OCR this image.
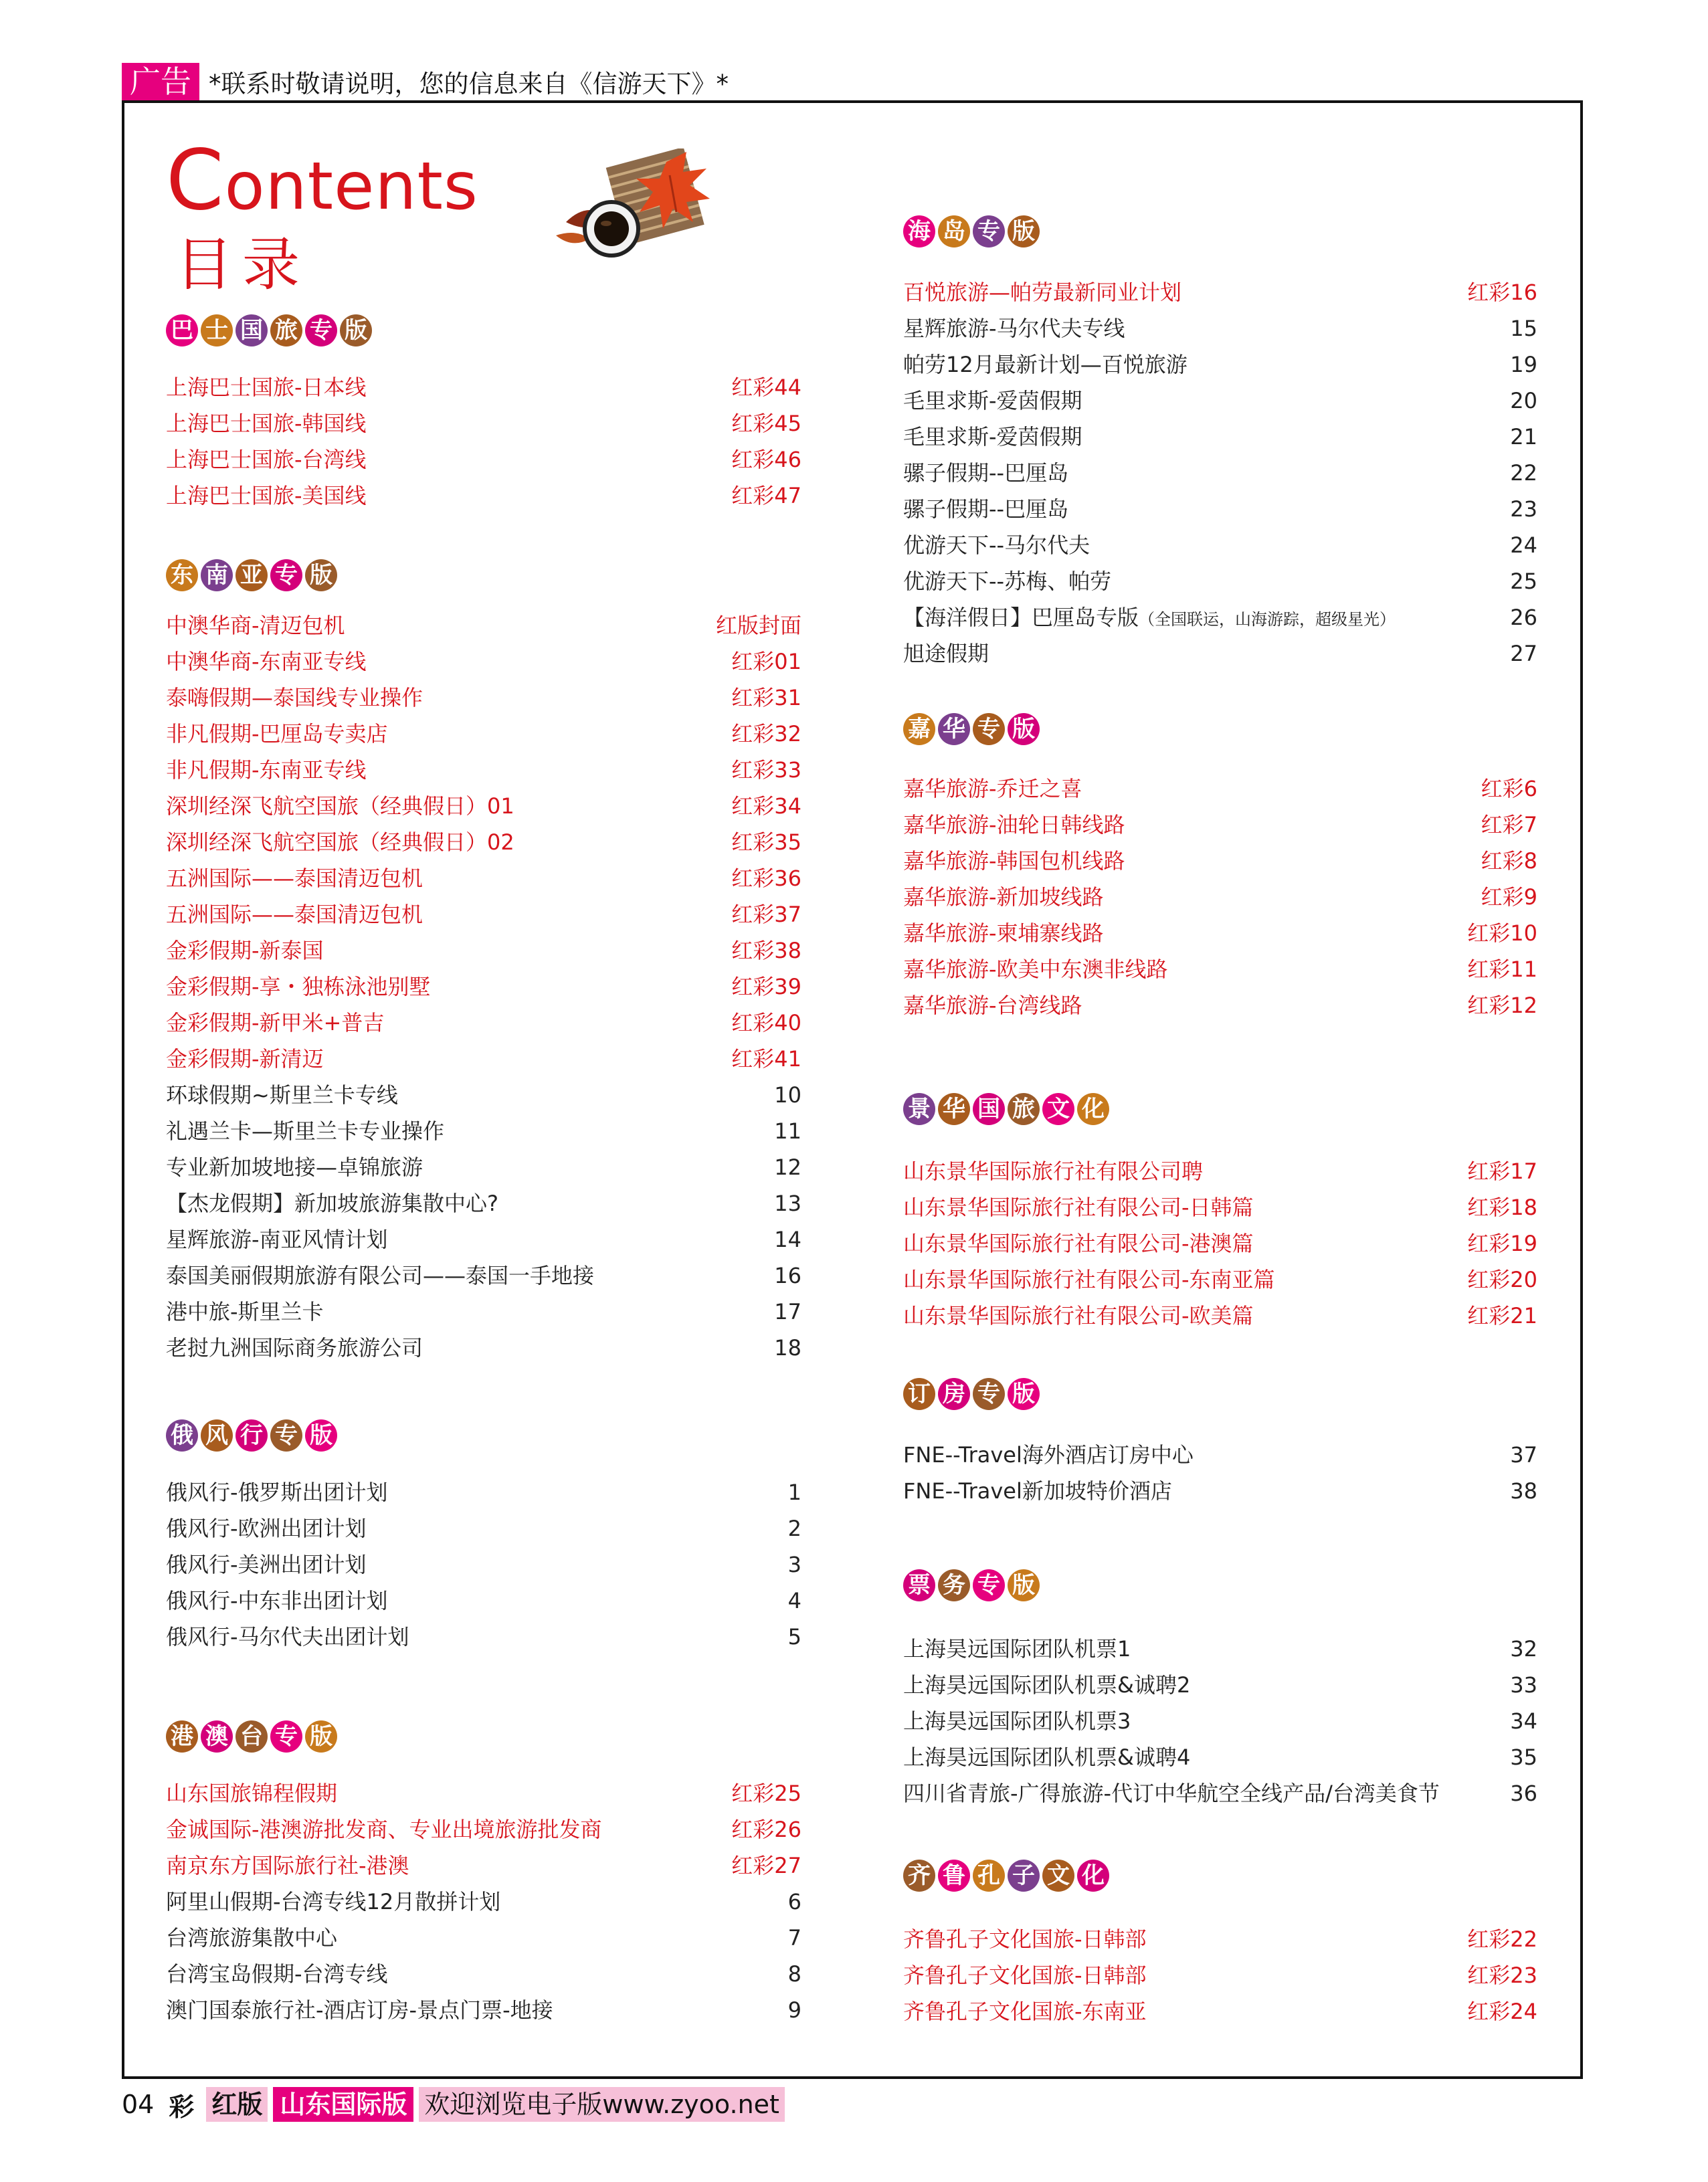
广告 *联系时敬请说明，您的信息来自《信游天下》*
Contents
目录
巴 士 国 旅 专 版
上海巴士国旅-日本线	红彩44
上海巴士国旅-韩国线	红彩45
上海巴士国旅-台湾线	红彩46
上海巴士国旅-美国线	红彩47
东 南 亚 专 版
中澳华商-清迈包机	红版封面
中澳华商-东南亚专线	红彩01
泰嗨假期—泰国线专业操作	红彩31
非凡假期-巴厘岛专卖店	红彩32
非凡假期-东南亚专线	红彩33
深圳经深飞航空国旅（经典假日）01	红彩34
深圳经深飞航空国旅（经典假日）02	红彩35
五洲国际——泰国清迈包机	红彩36
五洲国际——泰国清迈包机	红彩37
金彩假期-新泰国	红彩38
金彩假期-享・独栋泳池别墅	红彩39
金彩假期-新甲米+普吉	红彩40
金彩假期-新清迈	红彩41
环球假期~斯里兰卡专线	10
礼遇兰卡—斯里兰卡专业操作	11
专业新加坡地接—卓锦旅游	12
【杰龙假期】新加坡旅游集散中心?	13
星辉旅游-南亚风情计划	14
泰国美丽假期旅游有限公司——泰国一手地接	16
港中旅-斯里兰卡	17
老挝九洲国际商务旅游公司	18
俄 风 行 专 版
俄风行-俄罗斯出团计划	1
俄风行-欧洲出团计划	2
俄风行-美洲出团计划	3
俄风行-中东非出团计划	4
俄风行-马尔代夫出团计划	5
港 澳 台 专 版
山东国旅锦程假期	红彩25
金诚国际-港澳游批发商、专业出境旅游批发商	红彩26
南京东方国际旅行社-港澳	红彩27
阿里山假期-台湾专线12月散拼计划	6
台湾旅游集散中心	7
台湾宝岛假期-台湾专线	8
澳门国泰旅行社-酒店订房-景点门票-地接	9
海 岛 专 版
百悦旅游—帕劳最新同业计划	红彩16
星辉旅游-马尔代夫专线	15
帕劳12月最新计划—百悦旅游	19
毛里求斯-爱茵假期	20
毛里求斯-爱茵假期	21
骡子假期--巴厘岛	22
骡子假期--巴厘岛	23
优游天下--马尔代夫	24
优游天下--苏梅、帕劳	25
【海洋假日】巴厘岛专版（全国联运，山海游踪，超级星光）	26
旭途假期	27
嘉 华 专 版
嘉华旅游-乔迁之喜	红彩6
嘉华旅游-油轮日韩线路	红彩7
嘉华旅游-韩国包机线路	红彩8
嘉华旅游-新加坡线路	红彩9
嘉华旅游-柬埔寨线路	红彩10
嘉华旅游-欧美中东澳非线路	红彩11
嘉华旅游-台湾线路	红彩12
景 华 国 旅 文 化
山东景华国际旅行社有限公司聘	红彩17
山东景华国际旅行社有限公司-日韩篇	红彩18
山东景华国际旅行社有限公司-港澳篇	红彩19
山东景华国际旅行社有限公司-东南亚篇	红彩20
山东景华国际旅行社有限公司-欧美篇	红彩21
订 房 专 版
FNE--Travel海外酒店订房中心	37
FNE--Travel新加坡特价酒店	38
票 务 专 版
上海昊远国际团队机票1	32
上海昊远国际团队机票&诚聘2	33
上海昊远国际团队机票3	34
上海昊远国际团队机票&诚聘4	35
四川省青旅-广得旅游-代订中华航空全线产品/台湾美食节	36
齐 鲁 孔 子 文 化
齐鲁孔子文化国旅-日韩部	红彩22
齐鲁孔子文化国旅-日韩部	红彩23
齐鲁孔子文化国旅-东南亚	红彩24
04 彩 红版 山东国际版 欢迎浏览电子版www.zyoo.net
